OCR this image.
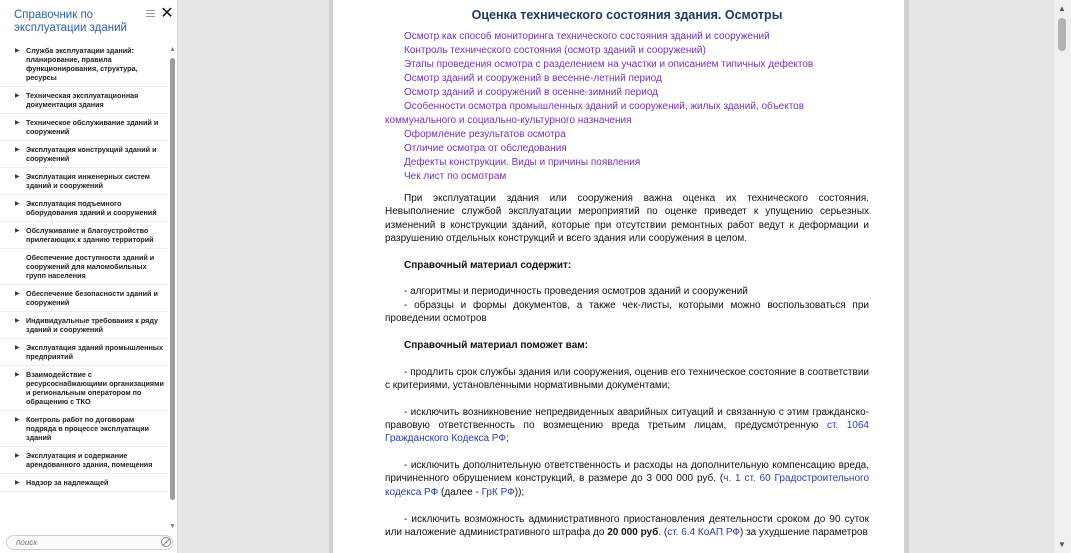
Справочник по эксплуатации зданий
✕
▶ Служба эксплуатации зданий: планирование, правила функционирования, структура, ресурсы
▶ Техническая эксплуатационная документация здания
▶ Техническое обслуживание зданий и сооружений
▶ Эксплуатация конструкций зданий и сооружений
▶ Эксплуатация инженерных систем зданий и сооружений
▶ Эксплуатация подъемного оборудования зданий и сооружений
▶ Обслуживание и благоустройство прилегающих к зданию территорий
Обеспечение доступности зданий и сооружений для маломобильных групп населения
▶ Обеспечение безопасности зданий и сооружений
▶ Индивидуальные требования к ряду зданий и сооружений
▶ Эксплуатация зданий промышленных предприятий
▶ Взаимодействие с ресурсоснабжающими организациями и региональным оператором по обращению с ТКО
▶ Контроль работ по договорам подряда в процессе эксплуатации зданий
▶ Эксплуатация и содержание арендованного здания, помещения
▶ Надзор за надлежащей
▲
▼
поиск
Оценка технического состояния здания. Осмотры
Осмотр как способ мониторинга технического состояния зданий и сооружений
Контроль технического состояния (осмотр зданий и сооружений)
Этапы проведения осмотра с разделением на участки и описанием типичных дефектов
Осмотр зданий и сооружений в весенне-летний период
Осмотр зданий и сооружений в осенне-зимний период
Особенности осмотра промышленных зданий и сооружений, жилых зданий, объектов коммунального и социально-культурного назначения
Оформление результатов осмотра
Отличие осмотра от обследования
Дефекты конструкции. Виды и причины появления
Чек лист по осмотрам

При эксплуатации здания или сооружения важна оценка их технического состояния. Невыполнение службой эксплуатации мероприятий по оценке приведет к упущению серьезных изменений в конструкции зданий, которые при отсутствии ремонтных работ ведут к деформации и разрушению отдельных конструкций и всего здания или сооружения в целом.

Справочный материал содержит:

- алгоритмы и периодичность проведения осмотров зданий и сооружений

- образцы и формы документов, а также чек-листы, которыми можно воспользоваться при проведении осмотров

Справочный материал поможет вам:

- продлить срок службы здания или сооружения, оценив его техническое состояние в соответствии с критериями, установленными нормативными документами;

- исключить возникновение непредвиденных аварийных ситуаций и связанную с этим гражданско-правовую ответственность по возмещению вреда третьим лицам, предусмотренную ст. 1064 Гражданского Кодекса РФ;

- исключить дополнительную ответственность и расходы на дополнительную компенсацию вреда, причиненного обрушением конструкций, в размере до 3 000 000 руб. (ч. 1 ст. 60 Градостроительного кодекса РФ (далее - ГрК РФ));

- исключить возможность административного приостановления деятельности сроком до 90 суток или наложение административного штрафа до 20 000 руб. (ст. 6.4 КоАП РФ) за ухудшение параметров

▲
▼
